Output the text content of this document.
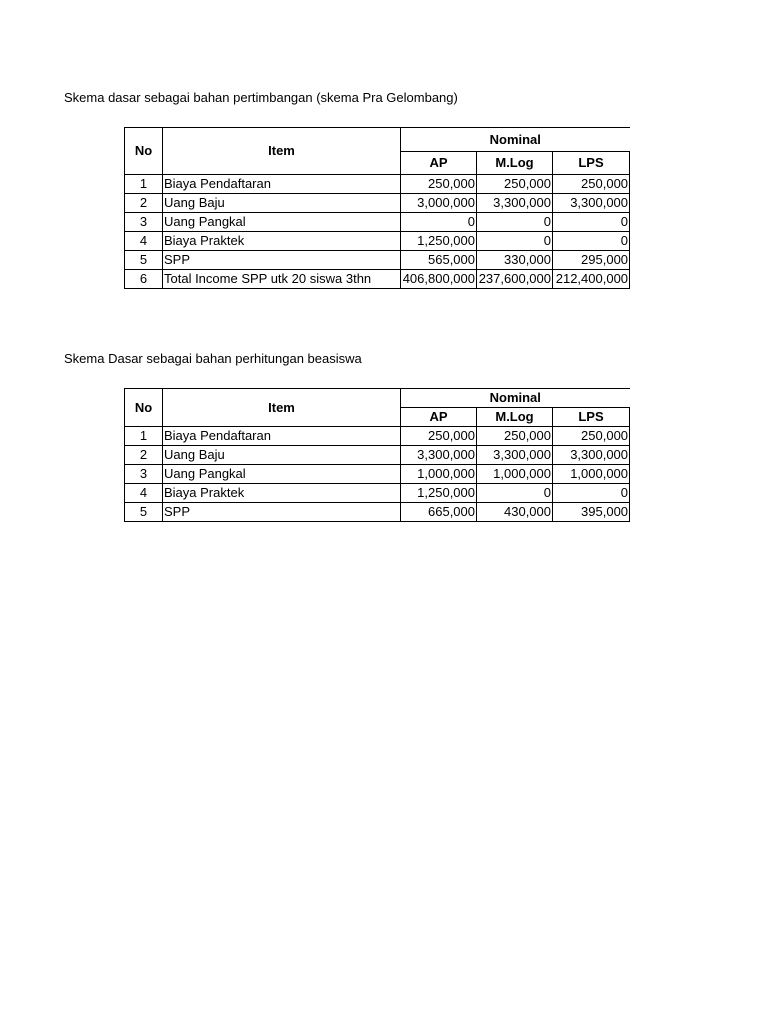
Skema dasar sebagai bahan pertimbangan (skema Pra Gelombang)
No	Item	Nominal		
		AP	M.Log	LPS
1	Biaya Pendaftaran	250,000	250,000	250,000
2	Uang Baju	3,000,000	3,300,000	3,300,000
3	Uang Pangkal	0	0	0
4	Biaya Praktek	1,250,000	0	0
5	SPP	565,000	330,000	295,000
6	Total Income SPP utk 20 siswa 3thn	406,800,000	237,600,000	212,400,000
Skema Dasar sebagai bahan perhitungan beasiswa
No	Item	Nominal		
		AP	M.Log	LPS
1	Biaya Pendaftaran	250,000	250,000	250,000
2	Uang Baju	3,300,000	3,300,000	3,300,000
3	Uang Pangkal	1,000,000	1,000,000	1,000,000
4	Biaya Praktek	1,250,000	0	0
5	SPP	665,000	430,000	395,000
